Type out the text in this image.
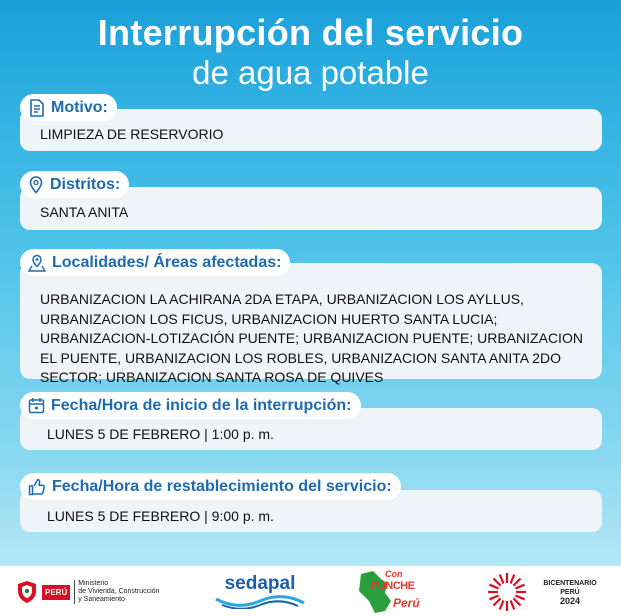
Interrupción del servicio
de agua potable
Motivo:
LIMPIEZA DE RESERVORIO
Distritos:
SANTA ANITA
Localidades/ Áreas afectadas:
URBANIZACION LA ACHIRANA 2DA ETAPA, URBANIZACION LOS AYLLUS, URBANIZACION LOS FICUS, URBANIZACION HUERTO SANTA LUCIA; URBANIZACION-LOTIZACIÓN PUENTE; URBANIZACION PUENTE; URBANIZACION EL PUENTE, URBANIZACION LOS ROBLES, URBANIZACION SANTA ANITA 2DO SECTOR; URBANIZACION SANTA ROSA DE QUIVES
Fecha/Hora de inicio de la interrupción:
LUNES 5 DE FEBRERO | 1:00 p. m.
Fecha/Hora de restablecimiento del servicio:
LUNES 5 DE FEBRERO | 9:00 p. m.
PERÚ
Ministerio
de Vivienda, Construcción
y Saneamiento
sedapal	Con
PUNCHE
Perú
BICENTENARIO
PERÚ
2024
